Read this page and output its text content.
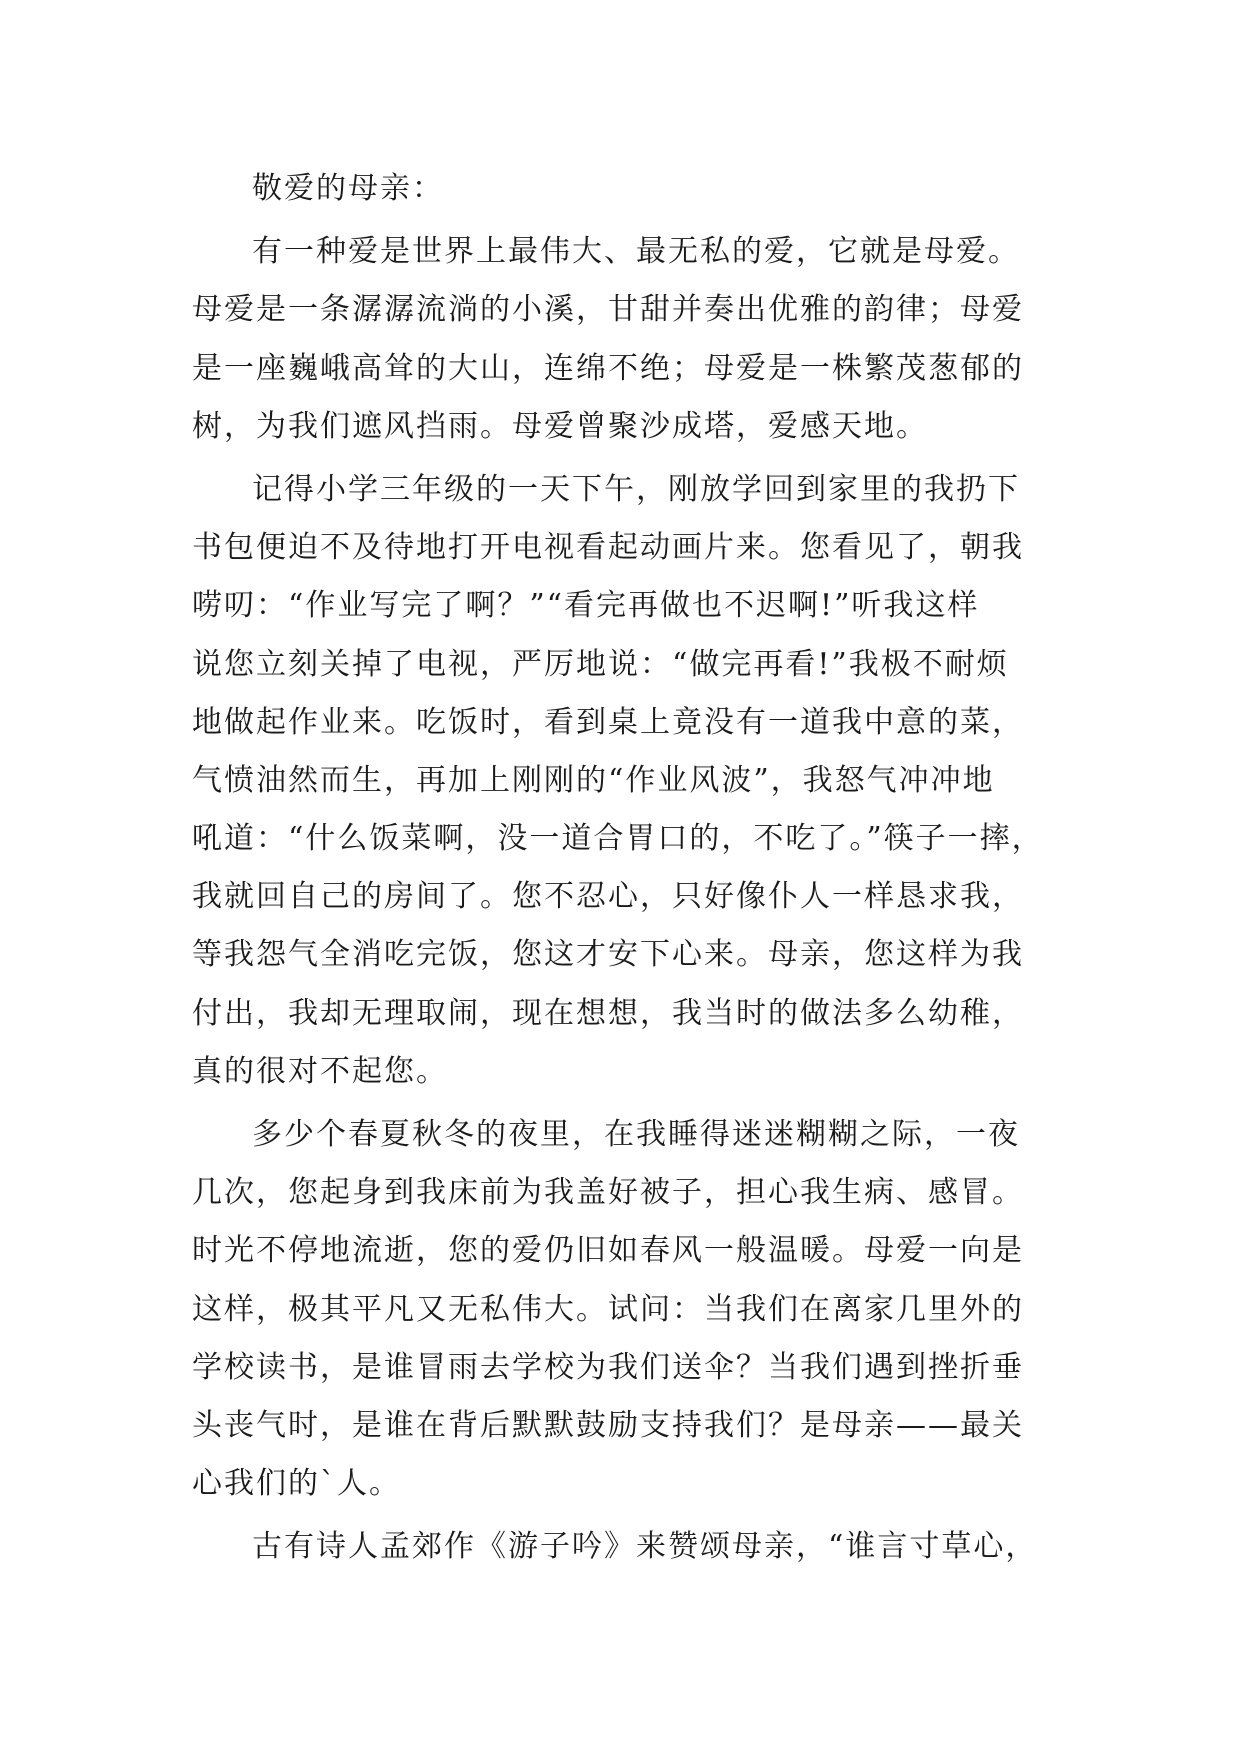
敬爱的母亲：
有一种爱是世界上最伟大、最无私的爱，它就是母爱。
母爱是一条潺潺流淌的小溪，甘甜并奏出优雅的韵律；母爱
是一座巍峨高耸的大山，连绵不绝；母爱是一株繁茂葱郁的
树，为我们遮风挡雨。母爱曾聚沙成塔，爱感天地。
记得小学三年级的一天下午，刚放学回到家里的我扔下
书包便迫不及待地打开电视看起动画片来。您看见了，朝我
唠叨：“作业写完了啊？”“看完再做也不迟啊!”听我这样
说您立刻关掉了电视，严厉地说：“做完再看!”我极不耐烦
地做起作业来。吃饭时，看到桌上竟没有一道我中意的菜，
气愤油然而生，再加上刚刚的“作业风波”，我怒气冲冲地
吼道：“什么饭菜啊，没一道合胃口的，不吃了。”筷子一摔，
我就回自己的房间了。您不忍心，只好像仆人一样恳求我，
等我怨气全消吃完饭，您这才安下心来。母亲，您这样为我
付出，我却无理取闹，现在想想，我当时的做法多么幼稚，
真的很对不起您。
多少个春夏秋冬的夜里，在我睡得迷迷糊糊之际，一夜
几次，您起身到我床前为我盖好被子，担心我生病、感冒。
时光不停地流逝，您的爱仍旧如春风一般温暖。母爱一向是
这样，极其平凡又无私伟大。试问：当我们在离家几里外的
学校读书，是谁冒雨去学校为我们送伞？当我们遇到挫折垂
头丧气时，是谁在背后默默鼓励支持我们？是母亲——最关
心我们的`人。
古有诗人孟郊作《游子吟》来赞颂母亲，“谁言寸草心，
